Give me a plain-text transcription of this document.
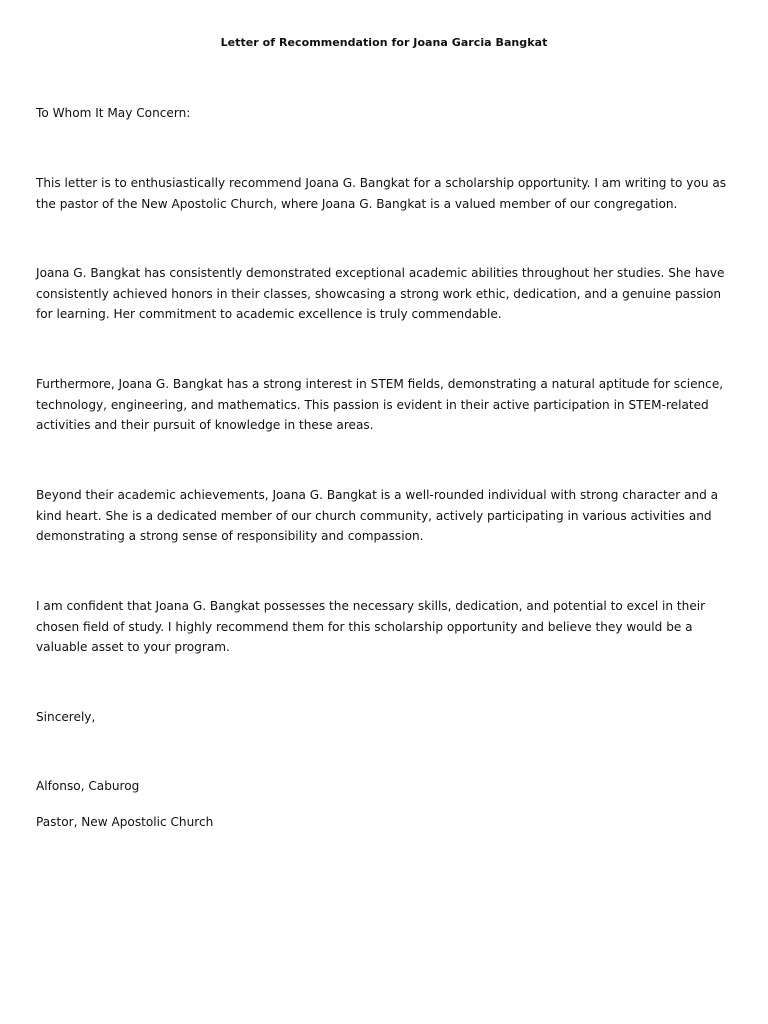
Letter of Recommendation for Joana Garcia Bangkat

To Whom It May Concern:

This letter is to enthusiastically recommend Joana G. Bangkat for a scholarship opportunity. I am writing to you as the pastor of the New Apostolic Church, where Joana G. Bangkat is a valued member of our congregation.

Joana G. Bangkat has consistently demonstrated exceptional academic abilities throughout her studies. She have consistently achieved honors in their classes, showcasing a strong work ethic, dedication, and a genuine passion for learning. Her commitment to academic excellence is truly commendable.

Furthermore, Joana G. Bangkat has a strong interest in STEM fields, demonstrating a natural aptitude for science, technology, engineering, and mathematics. This passion is evident in their active participation in STEM-related activities and their pursuit of knowledge in these areas.

Beyond their academic achievements, Joana G. Bangkat is a well-rounded individual with strong character and a kind heart. She is a dedicated member of our church community, actively participating in various activities and demonstrating a strong sense of responsibility and compassion.

I am confident that Joana G. Bangkat possesses the necessary skills, dedication, and potential to excel in their chosen field of study. I highly recommend them for this scholarship opportunity and believe they would be a valuable asset to your program.

Sincerely,

Alfonso, Caburog

Pastor, New Apostolic Church
